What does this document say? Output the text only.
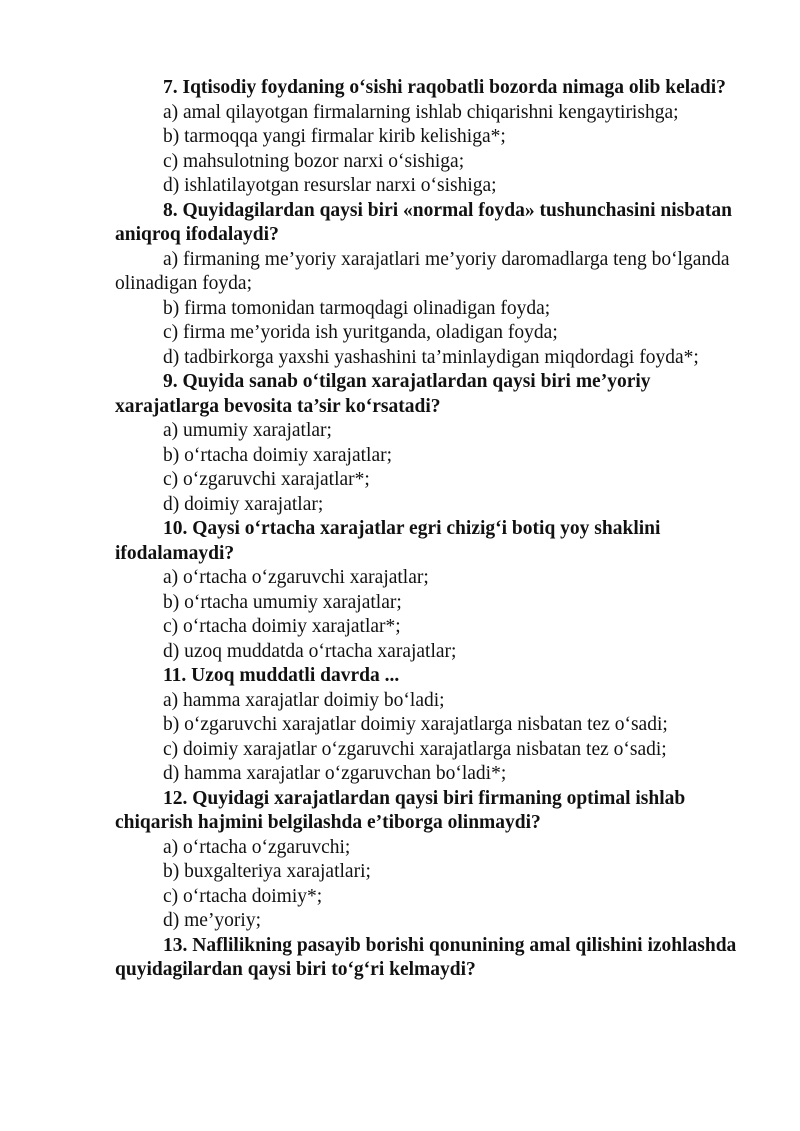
7. Iqtisodiy foydaning o‘sishi raqobatli bozorda nimaga olib keladi?

a) amal qilayotgan firmalarning ishlab chiqarishni kengaytirishga;

b) tarmoqqa yangi firmalar kirib kelishiga*;

c) mahsulotning bozor narxi o‘sishiga;

d) ishlatilayotgan resurslar narxi o‘sishiga;

8. Quyidagilardan qaysi biri «normal foyda» tushunchasini nisbatan aniqroq ifodalaydi?

a) firmaning me’yoriy xarajatlari me’yoriy daromadlarga teng bo‘lganda olinadigan foyda;

b) firma tomonidan tarmoqdagi olinadigan foyda;

c) firma me’yorida ish yuritganda, oladigan foyda;

d) tadbirkorga yaxshi yashashini ta’minlaydigan miqdordagi foyda*;

9. Quyida sanab o‘tilgan xarajatlardan qaysi biri me’yoriy xarajatlarga bevosita ta’sir ko‘rsatadi?

a) umumiy xarajatlar;

b) o‘rtacha doimiy xarajatlar;

c) o‘zgaruvchi xarajatlar*;

d) doimiy xarajatlar;

10. Qaysi o‘rtacha xarajatlar egri chizig‘i botiq yoy shaklini ifodalamaydi?

a) o‘rtacha o‘zgaruvchi xarajatlar;

b) o‘rtacha umumiy xarajatlar;

c) o‘rtacha doimiy xarajatlar*;

d) uzoq muddatda o‘rtacha xarajatlar;

11. Uzoq muddatli davrda ...

a) hamma xarajatlar doimiy bo‘ladi;

b) o‘zgaruvchi xarajatlar doimiy xarajatlarga nisbatan tez o‘sadi;

c) doimiy xarajatlar o‘zgaruvchi xarajatlarga nisbatan tez o‘sadi;

d) hamma xarajatlar o‘zgaruvchan bo‘ladi*;

12. Quyidagi xarajatlardan qaysi biri firmaning optimal ishlab chiqarish hajmini belgilashda e’tiborga olinmaydi?

a) o‘rtacha o‘zgaruvchi;

b) buxgalteriya xarajatlari;

c) o‘rtacha doimiy*;

d) me’yoriy;

13. Naflilikning pasayib borishi qonunining amal qilishini izohlashda quyidagilardan qaysi biri to‘g‘ri kelmaydi?
